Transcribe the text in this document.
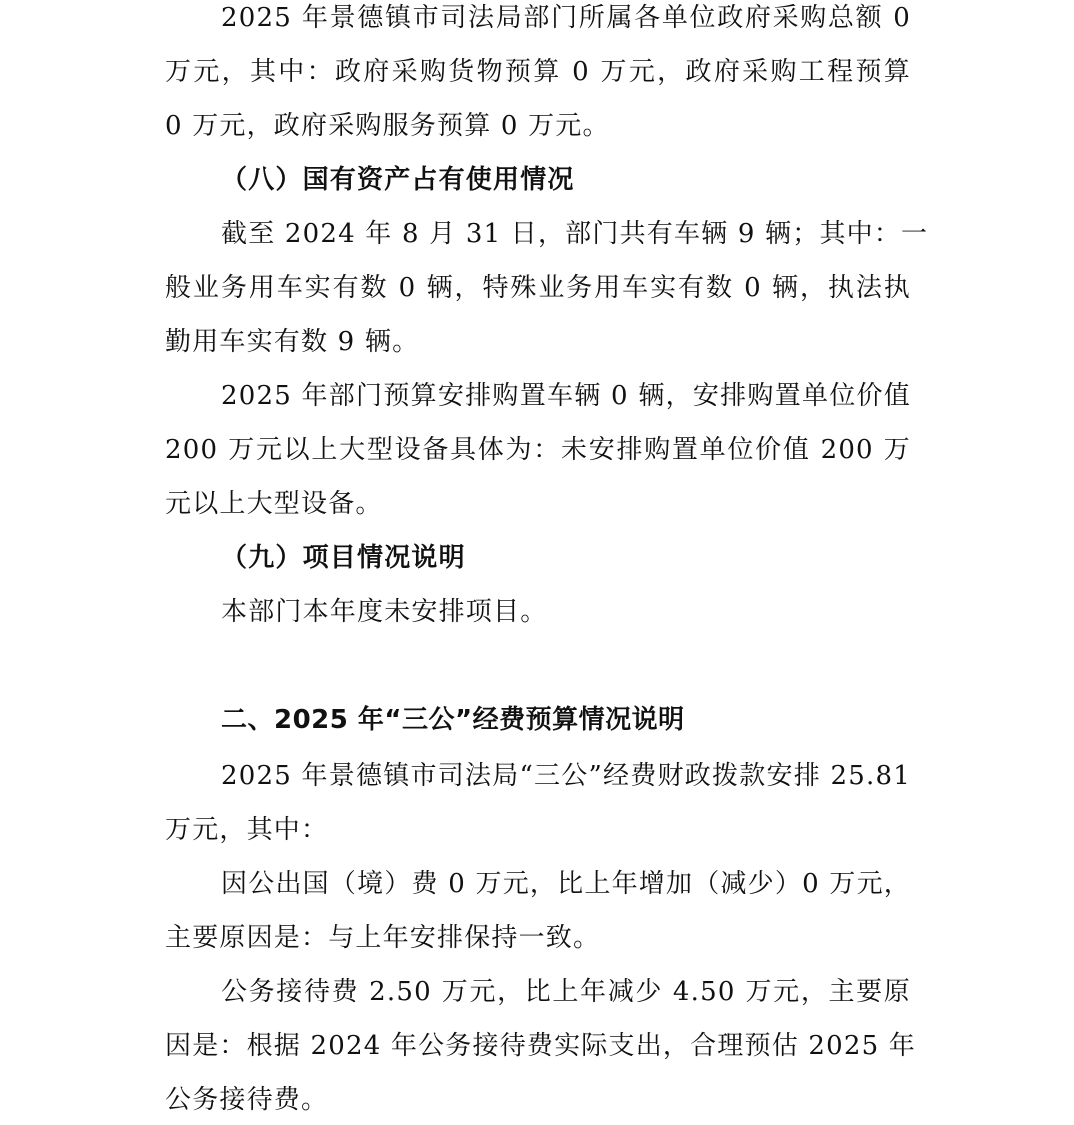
2025 年景德镇市司法局部门所属各单位政府采购总额 0
万元，其中：政府采购货物预算 0 万元，政府采购工程预算
0 万元，政府采购服务预算 0 万元。
（八）国有资产占有使用情况
截至 2024 年 8 月 31 日，部门共有车辆 9 辆；其中：一
般业务用车实有数 0 辆，特殊业务用车实有数 0 辆，执法执
勤用车实有数 9 辆。
2025 年部门预算安排购置车辆 0 辆，安排购置单位价值
200 万元以上大型设备具体为：未安排购置单位价值 200 万
元以上大型设备。
（九）项目情况说明
本部门本年度未安排项目。
二、2025 年“三公”经费预算情况说明
2025 年景德镇市司法局“三公”经费财政拨款安排 25.81
万元，其中：
因公出国（境）费 0 万元，比上年增加（减少）0 万元，
主要原因是：与上年安排保持一致。
公务接待费 2.50 万元，比上年减少 4.50 万元，主要原
因是：根据 2024 年公务接待费实际支出，合理预估 2025 年
公务接待费。
